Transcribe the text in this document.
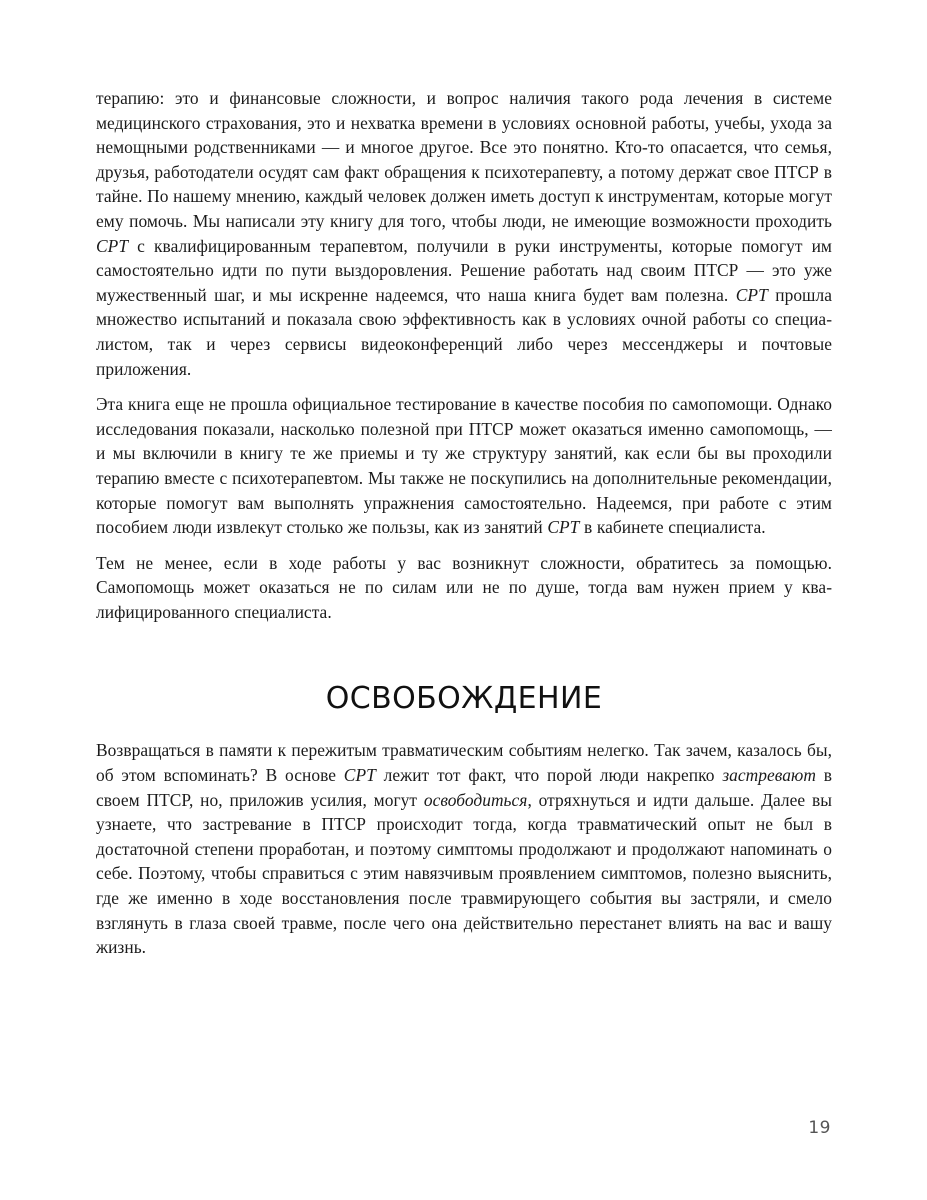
терапию: это и финансовые сложности, и вопрос наличия такого рода лечения в системе медицинского страхования, это и нехватка времени в условиях основной работы, учебы, ухода за немощными родственниками — и многое другое. Все это понятно. Кто-то опасается, что семья, друзья, работодатели осудят сам факт обращения к психотерапевту, а потому держат свое ПТСР в тайне. По нашему мнению, каждый человек должен иметь доступ к инструментам, которые могут ему помочь. Мы написали эту книгу для того, чтобы люди, не имеющие возможности проходить CPT с квалифицированным терапевтом, получили в руки инструменты, которые помогут им самостоятельно идти по пути выздоровления. Решение работать над своим ПТСР — это уже мужественный шаг, и мы искренне надеемся, что наша книга будет вам полезна. CPT прошла множество испытаний и показала свою эффективность как в условиях очной работы со специалистом, так и через сервисы видеоконференций либо через мессенджеры и почтовые приложения.

Эта книга еще не прошла официальное тестирование в качестве пособия по самопомощи. Однако исследования показали, насколько полезной при ПТСР может оказаться именно самопомощь, — и мы включили в книгу те же приемы и ту же структуру занятий, как если бы вы проходили терапию вместе с психотерапевтом. Мы также не поскупились на дополнительные рекомендации, которые помогут вам выполнять упражнения самостоятельно. Надеемся, при работе с этим пособием люди извлекут столько же пользы, как из занятий CPT в кабинете специалиста.

Тем не менее, если в ходе работы у вас возникнут сложности, обратитесь за помощью. Самопомощь может оказаться не по силам или не по душе, тогда вам нужен прием у квалифицированного специалиста.

ОСВОБОЖДЕНИЕ

Возвращаться в памяти к пережитым травматическим событиям нелегко. Так зачем, казалось бы, об этом вспоминать? В основе CPT лежит тот факт, что порой люди накрепко застревают в своем ПТСР, но, приложив усилия, могут освободиться, отряхнуться и идти дальше. Далее вы узнаете, что застревание в ПТСР происходит тогда, когда травматический опыт не был в достаточной степени проработан, и поэтому симптомы продолжают и продолжают напоминать о себе. Поэтому, чтобы справиться с этим навязчивым проявлением симптомов, полезно выяснить, где же именно в ходе восстановления после травмирующего события вы застряли, и смело взглянуть в глаза своей травме, после чего она действительно перестанет влиять на вас и вашу жизнь.

19
